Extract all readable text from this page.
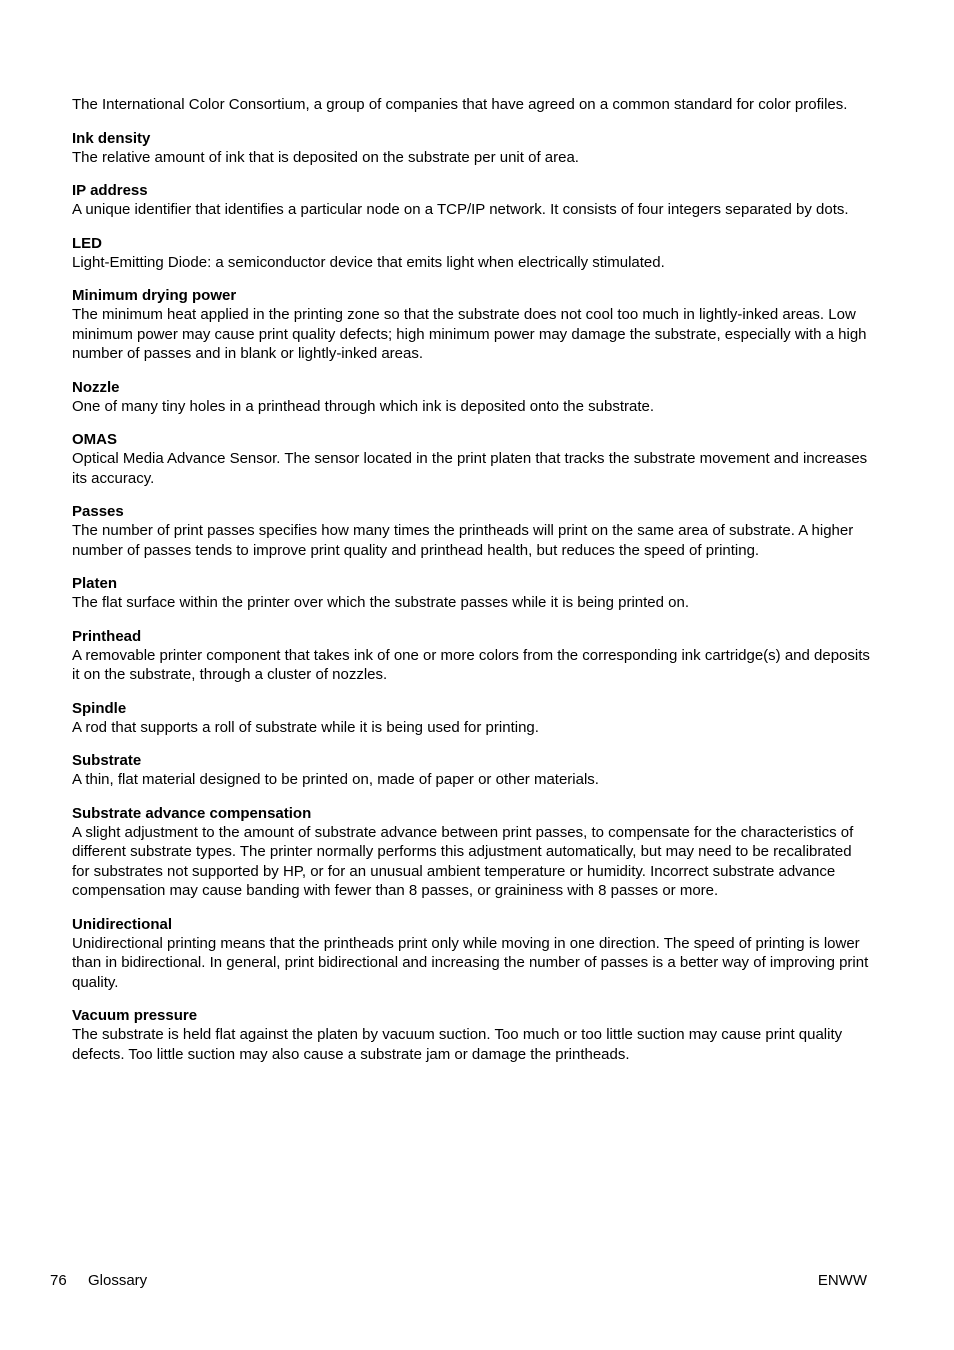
The International Color Consortium, a group of companies that have agreed on a common standard for color profiles.

Ink density

The relative amount of ink that is deposited on the substrate per unit of area.

IP address

A unique identifier that identifies a particular node on a TCP/IP network. It consists of four integers separated by dots.

LED

Light-Emitting Diode: a semiconductor device that emits light when electrically stimulated.

Minimum drying power

The minimum heat applied in the printing zone so that the substrate does not cool too much in lightly-inked areas. Low minimum power may cause print quality defects; high minimum power may damage the substrate, especially with a high number of passes and in blank or lightly-inked areas.

Nozzle

One of many tiny holes in a printhead through which ink is deposited onto the substrate.

OMAS

Optical Media Advance Sensor. The sensor located in the print platen that tracks the substrate movement and increases its accuracy.

Passes

The number of print passes specifies how many times the printheads will print on the same area of substrate. A higher number of passes tends to improve print quality and printhead health, but reduces the speed of printing.

Platen

The flat surface within the printer over which the substrate passes while it is being printed on.

Printhead

A removable printer component that takes ink of one or more colors from the corresponding ink cartridge(s) and deposits it on the substrate, through a cluster of nozzles.

Spindle

A rod that supports a roll of substrate while it is being used for printing.

Substrate

A thin, flat material designed to be printed on, made of paper or other materials.

Substrate advance compensation

A slight adjustment to the amount of substrate advance between print passes, to compensate for the characteristics of different substrate types. The printer normally performs this adjustment automatically, but may need to be recalibrated for substrates not supported by HP, or for an unusual ambient temperature or humidity. Incorrect substrate advance compensation may cause banding with fewer than 8 passes, or graininess with 8 passes or more.

Unidirectional

Unidirectional printing means that the printheads print only while moving in one direction. The speed of printing is lower than in bidirectional. In general, print bidirectional and increasing the number of passes is a better way of improving print quality.

Vacuum pressure

The substrate is held flat against the platen by vacuum suction. Too much or too little suction may cause print quality defects. Too little suction may also cause a substrate jam or damage the printheads.

76 Glossary	ENWW
